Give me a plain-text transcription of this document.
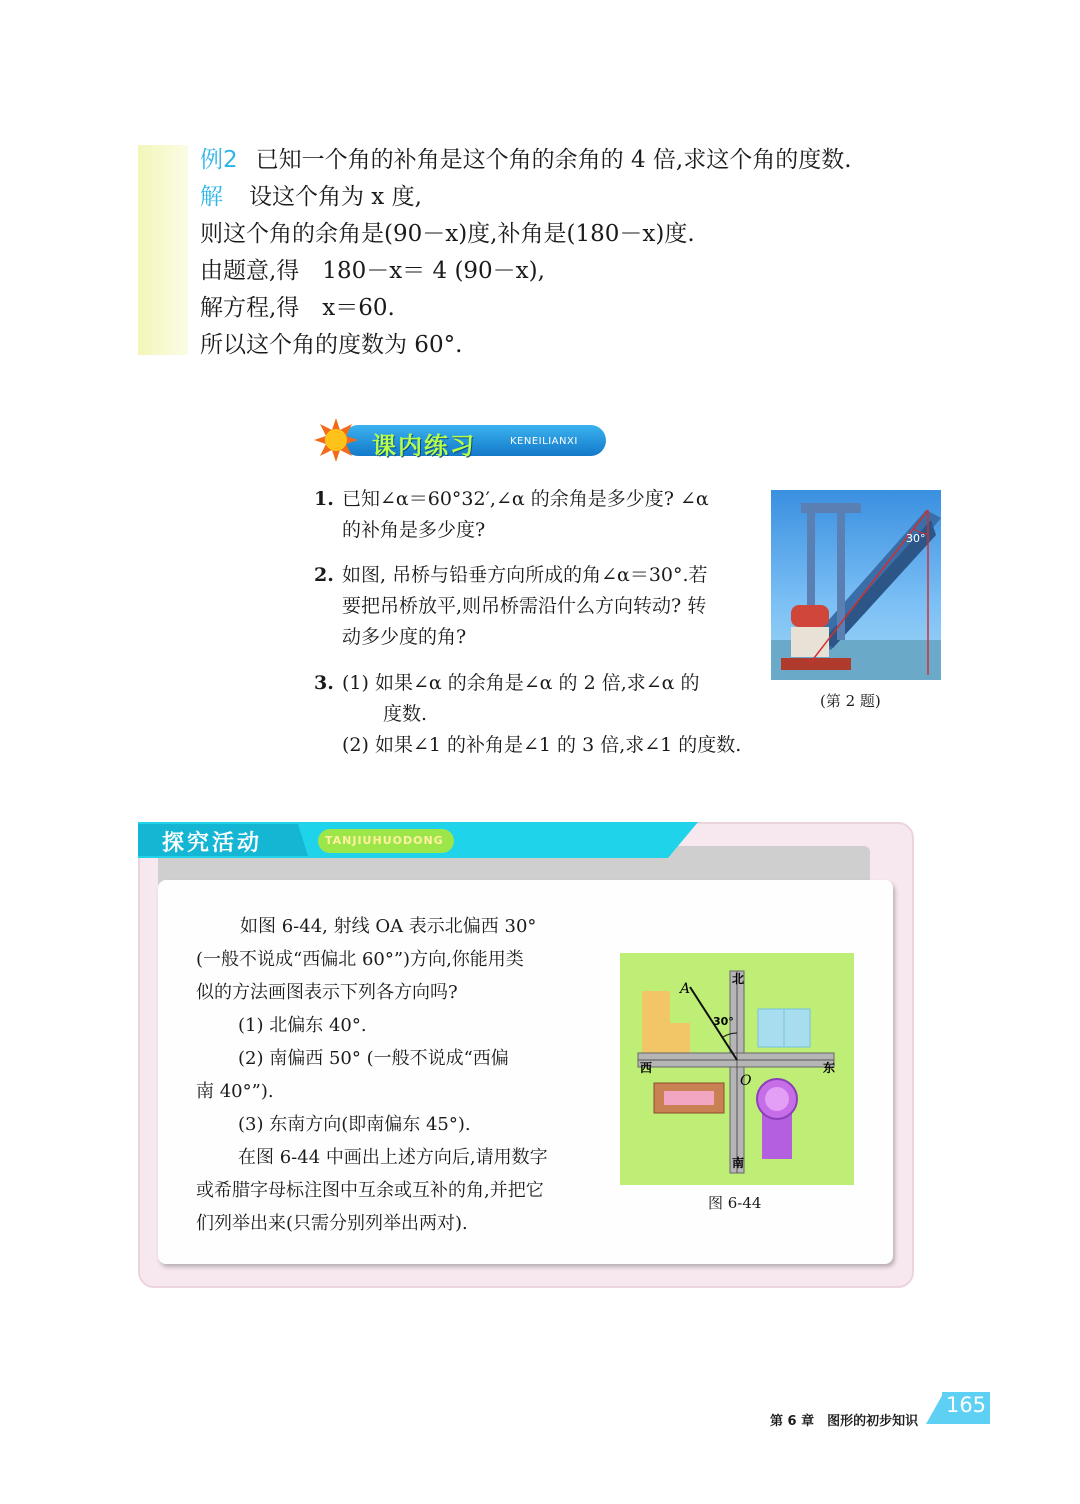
例2 已知一个角的补角是这个角的余角的 4 倍,求这个角的度数.
解 设这个角为 x 度,
则这个角的余角是(90－x)度,补角是(180－x)度.
由题意,得　180－x＝ 4 (90－x),
解方程,得　x＝60.
所以这个角的度数为 60°.
课内练习	KENEILIANXI
1. 已知∠α＝60°32′,∠α 的余角是多少度? ∠α
的补角是多少度?
2. 如图, 吊桥与铅垂方向所成的角∠α＝30°.若
要把吊桥放平,则吊桥需沿什么方向转动? 转
动多少度的角?
3. (1) 如果∠α 的余角是∠α 的 2 倍,求∠α 的
度数.
(2) 如果∠1 的补角是∠1 的 3 倍,求∠1 的度数.
30°
(第 2 题)
探究活动	TANJIUHUODONG
如图 6-44, 射线 OA 表示北偏西 30°
(一般不说成“西偏北 60°”)方向,你能用类
似的方法画图表示下列各方向吗?
(1) 北偏东 40°.
(2) 南偏西 50° (一般不说成“西偏
南 40°”).
(3) 东南方向(即南偏东 45°).
在图 6-44 中画出上述方向后,请用数字
或希腊字母标注图中互余或互补的角,并把它
们列举出来(只需分别列举出两对).
北
南
西	东
A
O
30°
图 6-44
第 6 章　图形的初步知识
165
